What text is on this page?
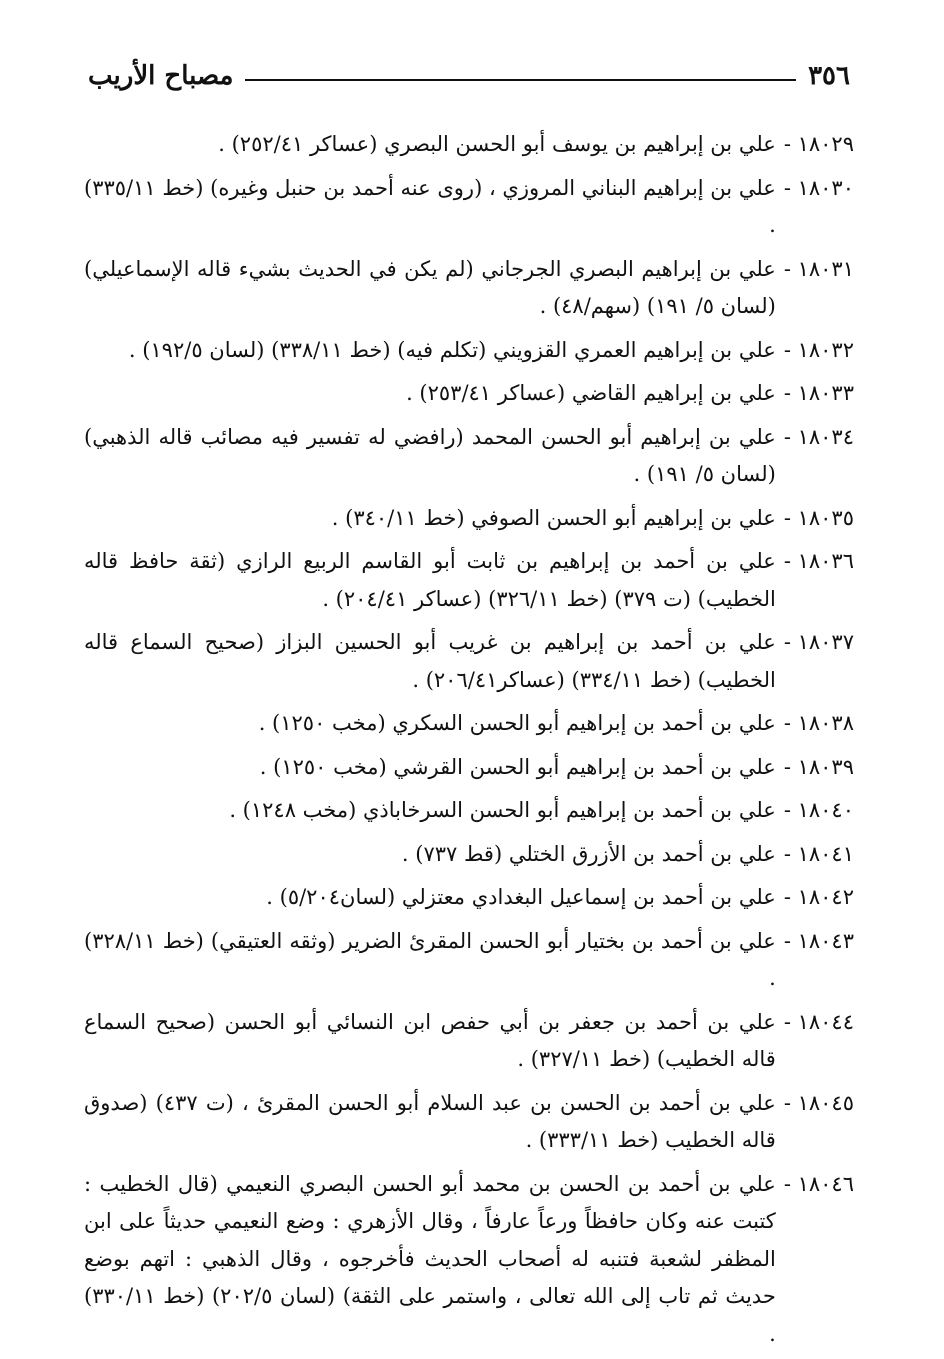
٣٥٦
مصباح الأريب
١٨٠٢٩ -
علي بن إبراهيم بن يوسف أبو الحسن البصري (عساكر ٢٥٢/٤١) .
١٨٠٣٠ -
علي بن إبراهيم البناني المروزي ، (روى عنه أحمد بن حنبل وغيره) (خط ٣٣٥/١١) .
١٨٠٣١ -
علي بن إبراهيم البصري الجرجاني (لم يكن في الحديث بشيء قاله الإسماعيلي) (لسان ٥/ ١٩١) (سهم/٤٨) .
١٨٠٣٢ -
علي بن إبراهيم العمري القزويني (تكلم فيه) (خط ٣٣٨/١١) (لسان ١٩٢/٥) .
١٨٠٣٣ -
علي بن إبراهيم القاضي (عساكر ٢٥٣/٤١) .
١٨٠٣٤ -
علي بن إبراهيم أبو الحسن المحمد (رافضي له تفسير فيه مصائب قاله الذهبي) (لسان ٥/ ١٩١) .
١٨٠٣٥ -
علي بن إبراهيم أبو الحسن الصوفي (خط ٣٤٠/١١) .
١٨٠٣٦ -
علي بن أحمد بن إبراهيم بن ثابت أبو القاسم الربيع الرازي (ثقة حافظ قاله الخطيب) (ت ٣٧٩) (خط ٣٢٦/١١) (عساكر ٢٠٤/٤١) .
١٨٠٣٧ -
علي بن أحمد بن إبراهيم بن غريب أبو الحسين البزاز (صحيح السماع قاله الخطيب) (خط ٣٣٤/١١) (عساكر٢٠٦/٤١) .
١٨٠٣٨ -
علي بن أحمد بن إبراهيم أبو الحسن السكري (مخب ١٢٥٠) .
١٨٠٣٩ -
علي بن أحمد بن إبراهيم أبو الحسن القرشي (مخب ١٢٥٠) .
١٨٠٤٠ -
علي بن أحمد بن إبراهيم أبو الحسن السرخاباذي (مخب ١٢٤٨) .
١٨٠٤١ -
علي بن أحمد بن الأزرق الختلي (قط ٧٣٧) .
١٨٠٤٢ -
علي بن أحمد بن إسماعيل البغدادي معتزلي (لسان٥/٢٠٤) .
١٨٠٤٣ -
علي بن أحمد بن بختيار أبو الحسن المقرئ الضرير (وثقه العتيقي) (خط ٣٢٨/١١) .
١٨٠٤٤ -
علي بن أحمد بن جعفر بن أبي حفص ابن النسائي أبو الحسن (صحيح السماع قاله الخطيب) (خط ٣٢٧/١١) .
١٨٠٤٥ -
علي بن أحمد بن الحسن بن عبد السلام أبو الحسن المقرئ ، (ت ٤٣٧) (صدوق قاله الخطيب (خط ٣٣٣/١١) .
١٨٠٤٦ -
علي بن أحمد بن الحسن بن محمد أبو الحسن البصري النعيمي (قال الخطيب : كتبت عنه وكان حافظاً ورعاً عارفاً ، وقال الأزهري : وضع النعيمي حديثاً على ابن المظفر لشعبة فتنبه له أصحاب الحديث فأخرجوه ، وقال الذهبي : اتهم بوضع حديث ثم تاب إلى الله تعالى ، واستمر على الثقة) (لسان ٢٠٢/٥) (خط ٣٣٠/١١) .
